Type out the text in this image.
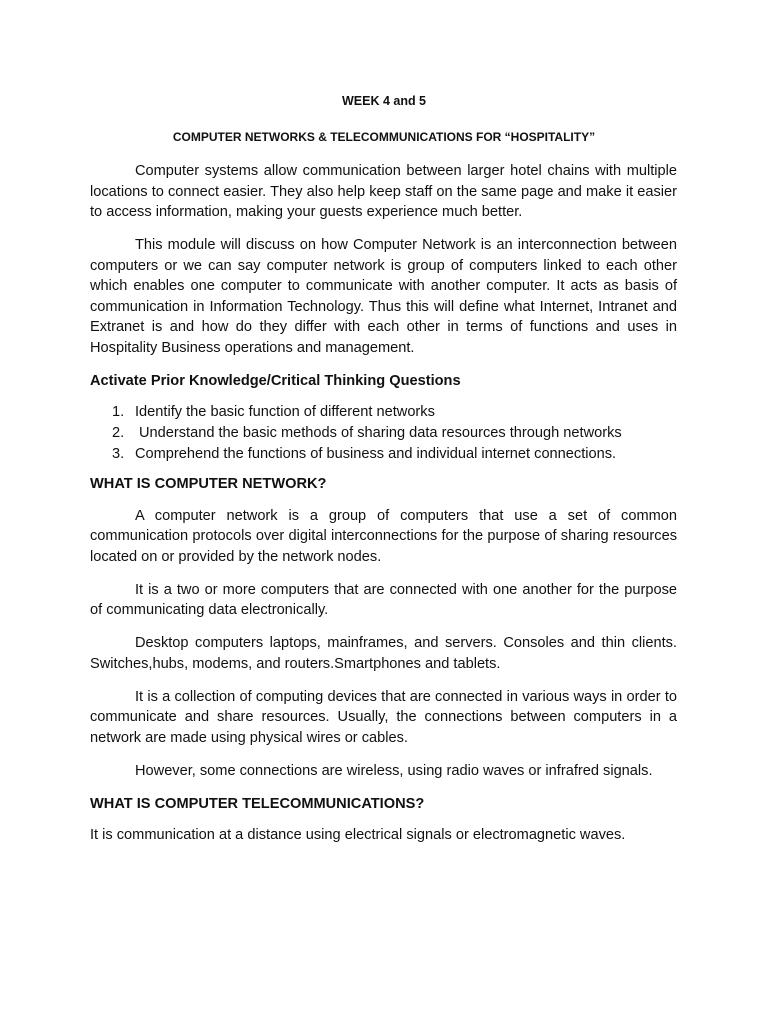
WEEK 4 and 5

COMPUTER NETWORKS & TELECOMMUNICATIONS FOR “HOSPITALITY”

Computer systems allow communication between larger hotel chains with multiple locations to connect easier. They also help keep staff on the same page and make it easier to access information, making your guests experience much better.

This module will discuss on how Computer Network is an interconnection between computers or we can say computer network is group of computers linked to each other which enables one computer to communicate with another computer. It acts as basis of communication in Information Technology. Thus this will define what Internet, Intranet and Extranet is and how do they differ with each other in terms of functions and uses in Hospitality Business operations and management.

Activate Prior Knowledge/Critical Thinking Questions
1. Identify the basic function of different networks
2. Understand the basic methods of sharing data resources through networks
3. Comprehend the functions of business and individual internet connections.
WHAT IS COMPUTER NETWORK?

A computer network is a group of computers that use a set of common communication protocols over digital interconnections for the purpose of sharing resources located on or provided by the network nodes.

It is a two or more computers that are connected with one another for the purpose of communicating data electronically.

Desktop computers laptops, mainframes, and servers. Consoles and thin clients. Switches,hubs, modems, and routers.Smartphones and tablets.

It is a collection of computing devices that are connected in various ways in order to communicate and share resources. Usually, the connections between computers in a network are made using physical wires or cables.

However, some connections are wireless, using radio waves or infrafred signals.

WHAT IS COMPUTER TELECOMMUNICATIONS?

It is communication at a distance using electrical signals or electromagnetic waves.
